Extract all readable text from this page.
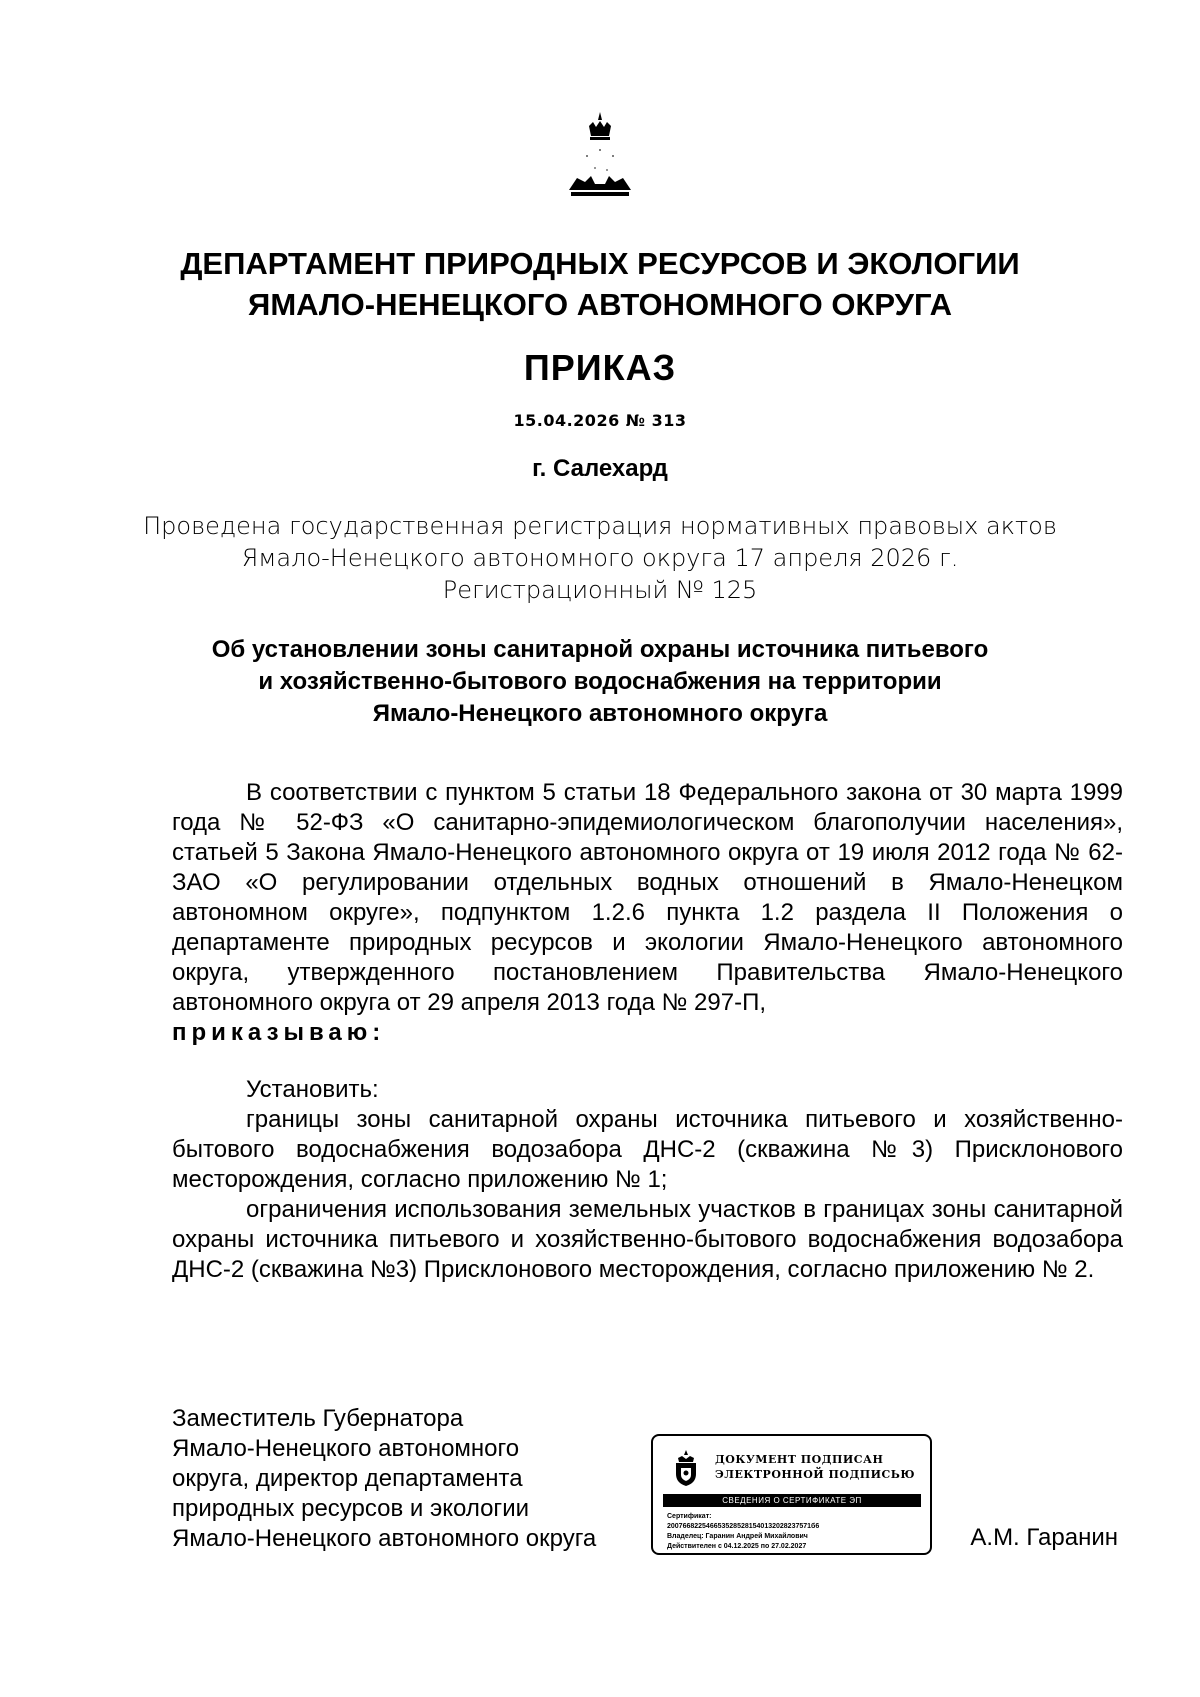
ДЕПАРТАМЕНТ ПРИРОДНЫХ РЕСУРСОВ И ЭКОЛОГИИ
ЯМАЛО-НЕНЕЦКОГО АВТОНОМНОГО ОКРУГА
ПРИКАЗ
15.04.2026 № 313
г. Салехард
Проведена государственная регистрация нормативных правовых актов
Ямало-Ненецкого автономного округа 17 апреля 2026 г.
Регистрационный № 125
Об установлении зоны санитарной охраны источника питьевого
и хозяйственно-бытового водоснабжения на территории
Ямало-Ненецкого автономного округа
В соответствии с пунктом 5 статьи 18 Федерального закона от 30 марта 1999 года № 52-ФЗ «О санитарно-эпидемиологическом благополучии населения», статьей 5 Закона Ямало-Ненецкого автономного округа от 19 июля 2012 года № 62-ЗАО «О регулировании отдельных водных отношений в Ямало-Ненецком автономном округе», подпунктом 1.2.6 пункта 1.2 раздела II Положения о департаменте природных ресурсов и экологии Ямало-Ненецкого автономного округа, утвержденного постановлением Правительства Ямало-Ненецкого автономного округа от 29 апреля 2013 года № 297-П,
приказываю:
Установить:
границы зоны санитарной охраны источника питьевого и хозяйственно-бытового водоснабжения водозабора ДНС-2 (скважина №3) Присклонового месторождения, согласно приложению № 1;
ограничения использования земельных участков в границах зоны санитарной охраны источника питьевого и хозяйственно-бытового водоснабжения водозабора ДНС-2 (скважина №3) Присклонового месторождения, согласно приложению № 2.
Заместитель Губернатора
Ямало-Ненецкого автономного
округа, директор департамента
природных ресурсов и экологии
Ямало-Ненецкого автономного округа
ДОКУМЕНТ ПОДПИСАН
ЭЛЕКТРОННОЙ ПОДПИСЬЮ
СВЕДЕНИЯ О СЕРТИФИКАТЕ ЭП
Сертификат:
2007668225466535285281540132028237571б6
Владелец: Гаранин Андрей Михайлович
Действителен с 04.12.2025 по 27.02.2027	А.М. Гаранин
